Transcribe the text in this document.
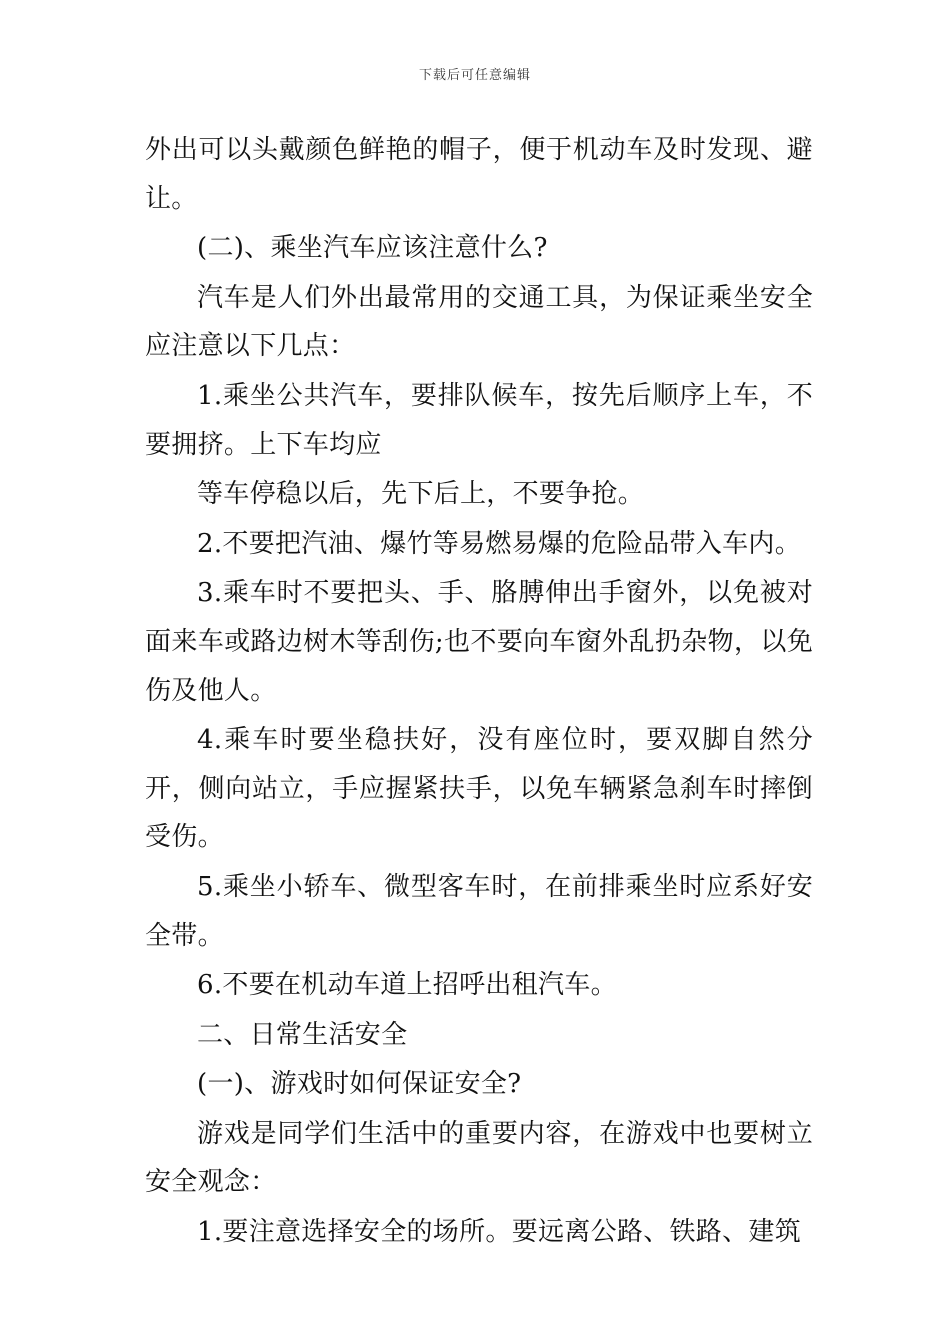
下载后可任意编辑

外出可以头戴颜色鲜艳的帽子，便于机动车及时发现、避让。

(二)、乘坐汽车应该注意什么?

汽车是人们外出最常用的交通工具，为保证乘坐安全应注意以下几点：

1.乘坐公共汽车，要排队候车，按先后顺序上车，不要拥挤。上下车均应

等车停稳以后，先下后上，不要争抢。

2.不要把汽油、爆竹等易燃易爆的危险品带入车内。

3.乘车时不要把头、手、胳膊伸出手窗外，以免被对面来车或路边树木等刮伤;也不要向车窗外乱扔杂物，以免伤及他人。

4.乘车时要坐稳扶好，没有座位时，要双脚自然分开，侧向站立，手应握紧扶手，以免车辆紧急刹车时摔倒受伤。

5.乘坐小轿车、微型客车时，在前排乘坐时应系好安全带。

6.不要在机动车道上招呼出租汽车。

二、日常生活安全

(一)、游戏时如何保证安全?

游戏是同学们生活中的重要内容，在游戏中也要树立安全观念：

1.要注意选择安全的场所。要远离公路、铁路、建筑
